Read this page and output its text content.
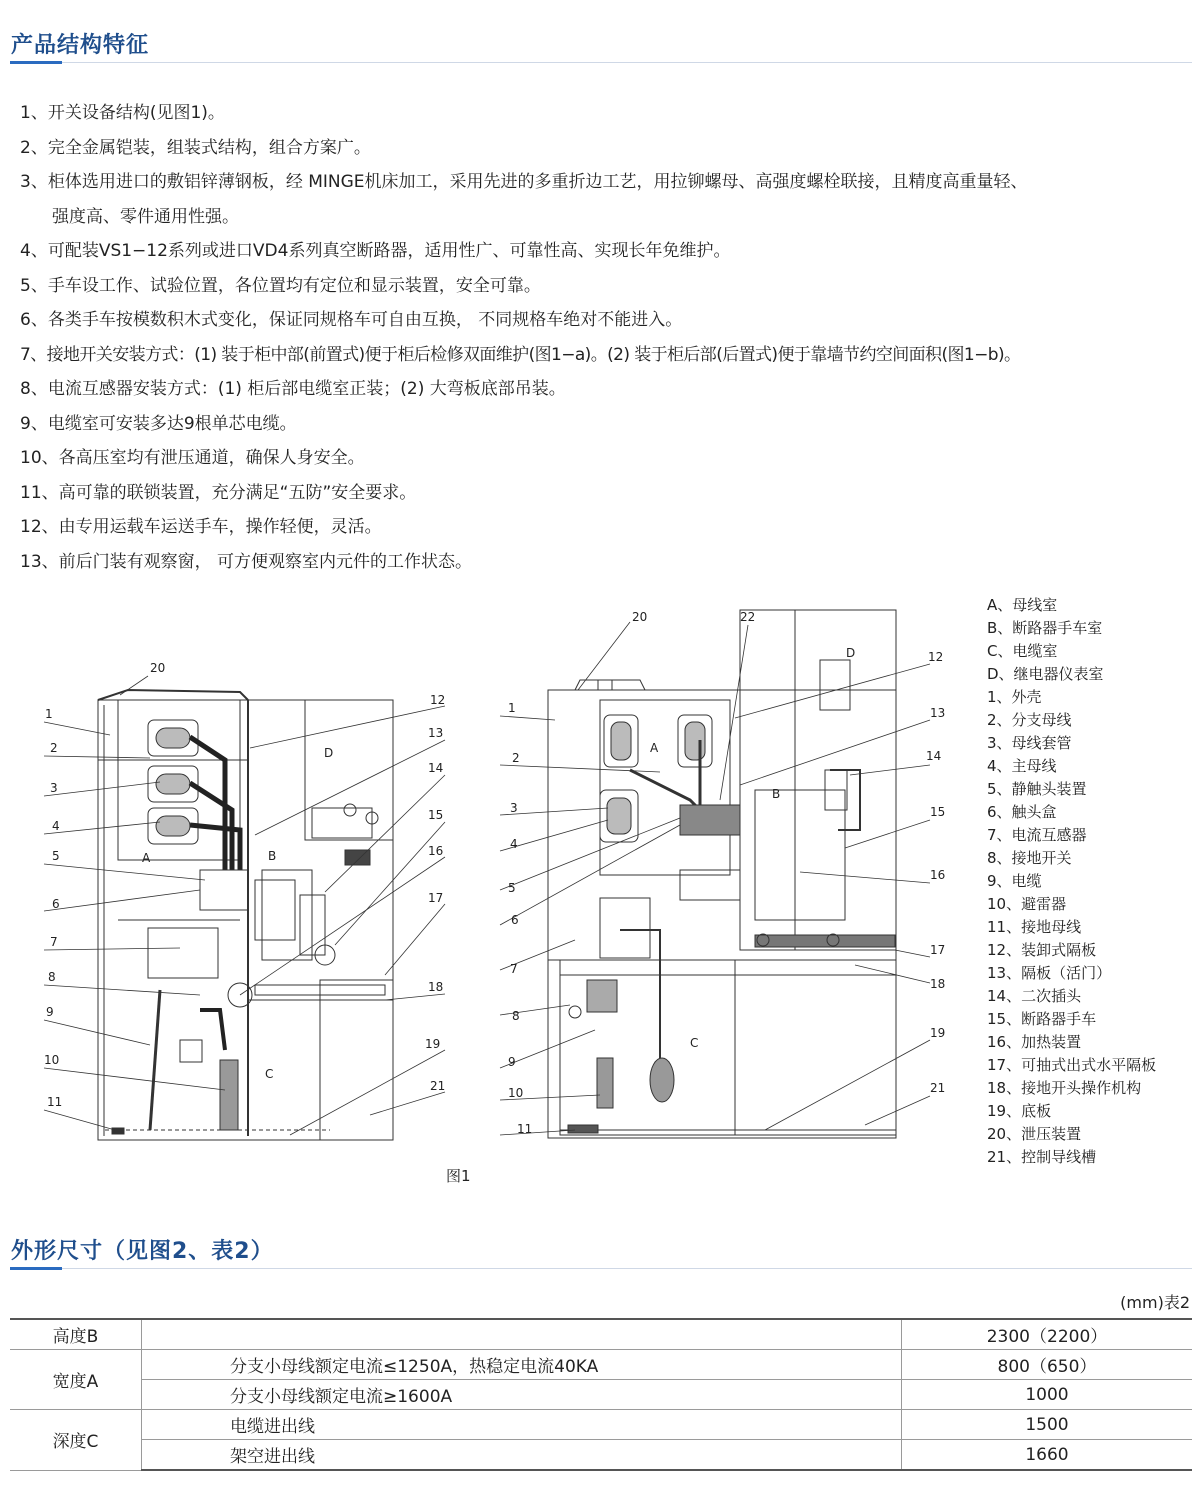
产品结构特征
1、开关设备结构(见图1)。
2、完全金属铠装，组装式结构，组合方案广。
3、柜体选用进口的敷铝锌薄钢板，经 MINGE机床加工，采用先进的多重折边工艺，用拉铆螺母、高强度螺栓联接，且精度高重量轻、
强度高、零件通用性强。
4、可配装VS1−12系列或进口VD4系列真空断路器，适用性广、可靠性高、实现长年免维护。
5、手车设工作、试验位置，各位置均有定位和显示装置，安全可靠。
6、各类手车按模数积木式变化，保证同规格车可自由互换， 不同规格车绝对不能进入。
7、接地开关安装方式：(1) 装于柜中部(前置式)便于柜后检修双面维护(图1−a)。(2) 装于柜后部(后置式)便于靠墙节约空间面积(图1−b)。
8、电流互感器安装方式：(1) 柜后部电缆室正装；(2) 大弯板底部吊装。
9、电缆室可安装多达9根单芯电缆。
10、各高压室均有泄压通道，确保人身安全。
11、高可靠的联锁装置，充分满足“五防”安全要求。
12、由专用运载车运送手车，操作轻便，灵活。
13、前后门装有观察窗， 可方便观察室内元件的工作状态。
1
2
3
4
5
6
7
8
9
10
11
20
12
13
14
15
16
17
18
19
21
A	B
C
D
20	22
1
2
3
4
5
6
7
8
9
10
11
12
13
14
15
16
17
18
19
21
A
B
C
D
图1
A、母线室
B、断路器手车室
C、电缆室
D、继电器仪表室
1、外壳
2、分支母线
3、母线套管
4、主母线
5、静触头装置
6、触头盒
7、电流互感器
8、接地开关
9、电缆
10、避雷器
11、接地母线
12、装卸式隔板
13、隔板（活门）
14、二次插头
15、断路器手车
16、加热装置
17、可抽式出式水平隔板
18、接地开头操作机构
19、底板
20、泄压装置
21、控制导线槽
外形尺寸（见图2、表2）
(mm)表2
高度B		2300（2200）
宽度A	分支小母线额定电流≤1250A，热稳定电流40KA	800（650）
	分支小母线额定电流≥1600A	1000
深度C	电缆进出线	1500
	架空进出线	1660
